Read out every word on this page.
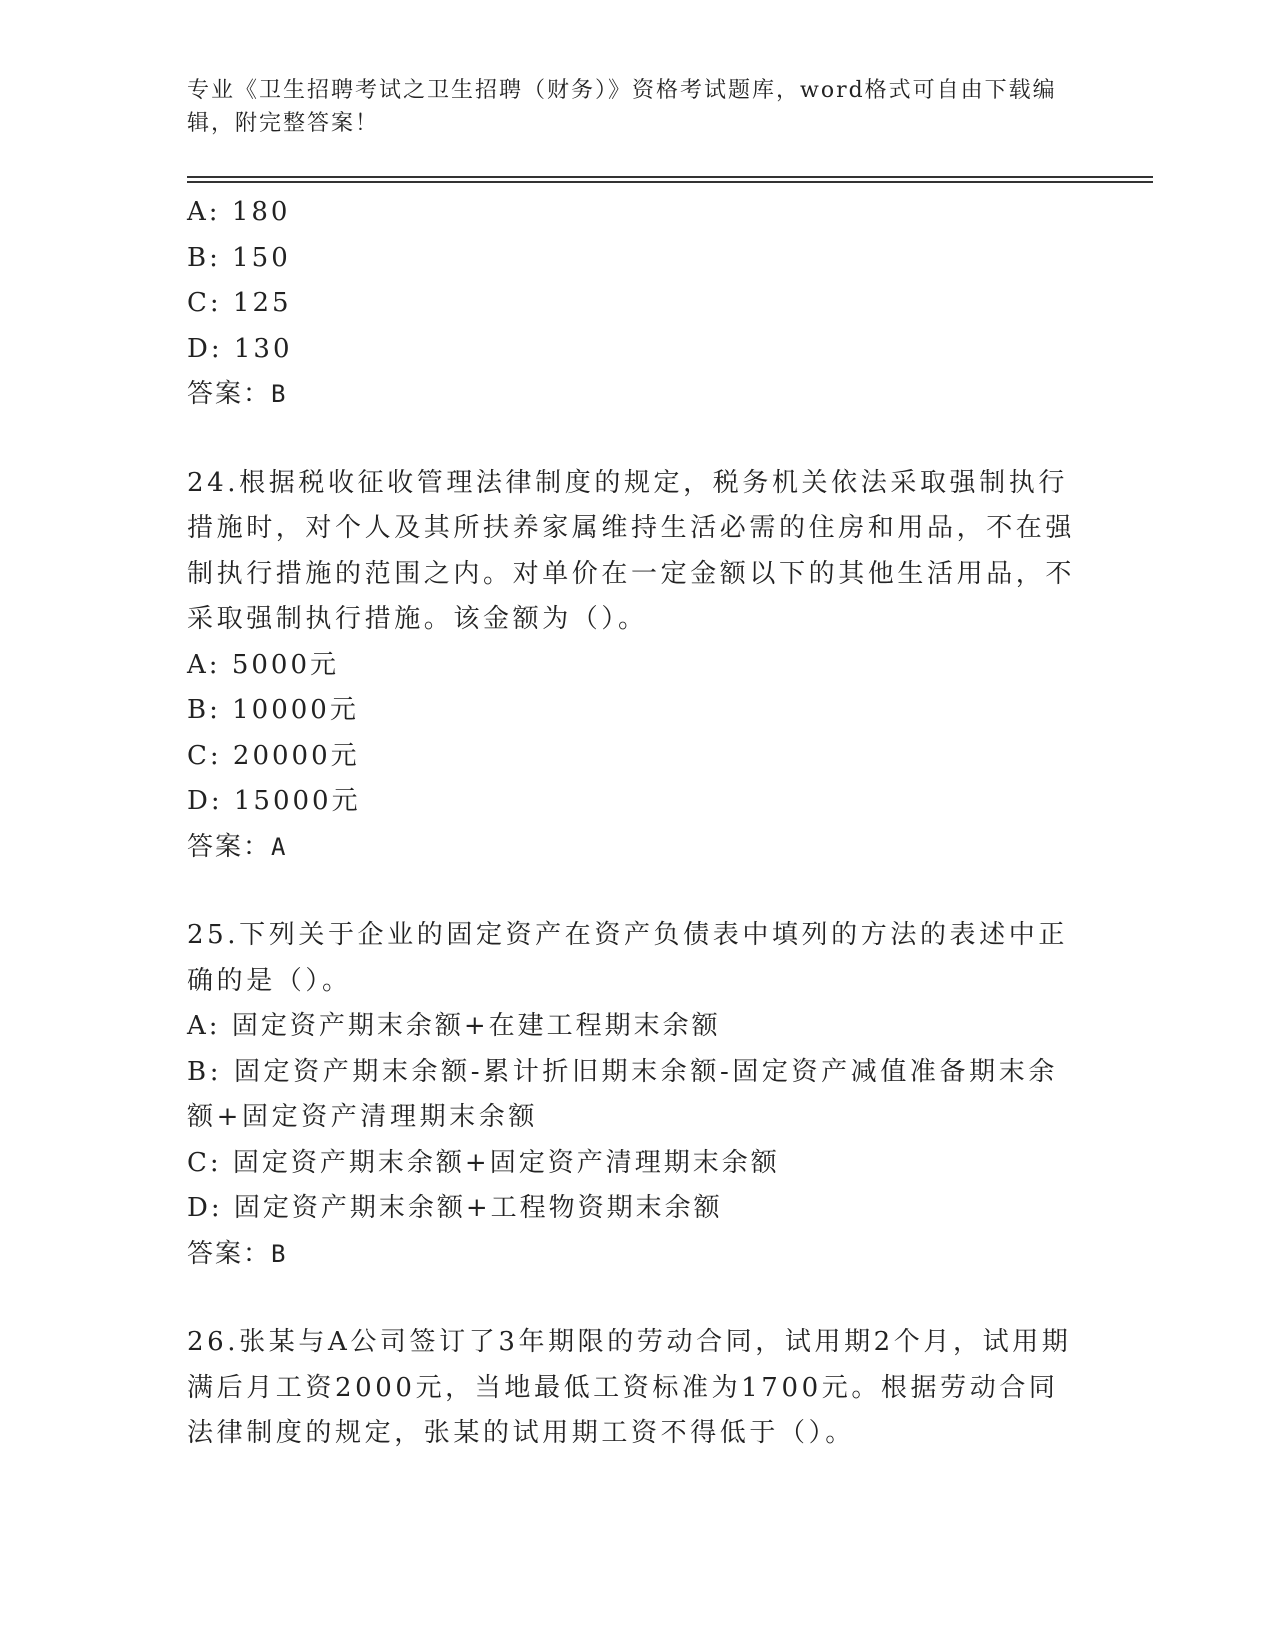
专业《卫生招聘考试之卫生招聘（财务）》资格考试题库，word格式可自由下载编辑，附完整答案！
A: 180
B: 150
C: 125
D: 130
答案：B
24.根据税收征收管理法律制度的规定，税务机关依法采取强制执行措施时，对个人及其所扶养家属维持生活必需的住房和用品，不在强制执行措施的范围之内。对单价在一定金额以下的其他生活用品，不采取强制执行措施。该金额为（）。
A: 5000元
B: 10000元
C: 20000元
D: 15000元
答案：A
25.下列关于企业的固定资产在资产负债表中填列的方法的表述中正确的是（）。
A: 固定资产期末余额+在建工程期末余额
B: 固定资产期末余额-累计折旧期末余额-固定资产减值准备期末余额+固定资产清理期末余额
C: 固定资产期末余额+固定资产清理期末余额
D: 固定资产期末余额+工程物资期末余额
答案：B
26.张某与A公司签订了3年期限的劳动合同，试用期2个月，试用期满后月工资2000元，当地最低工资标准为1700元。根据劳动合同法律制度的规定，张某的试用期工资不得低于（）。
